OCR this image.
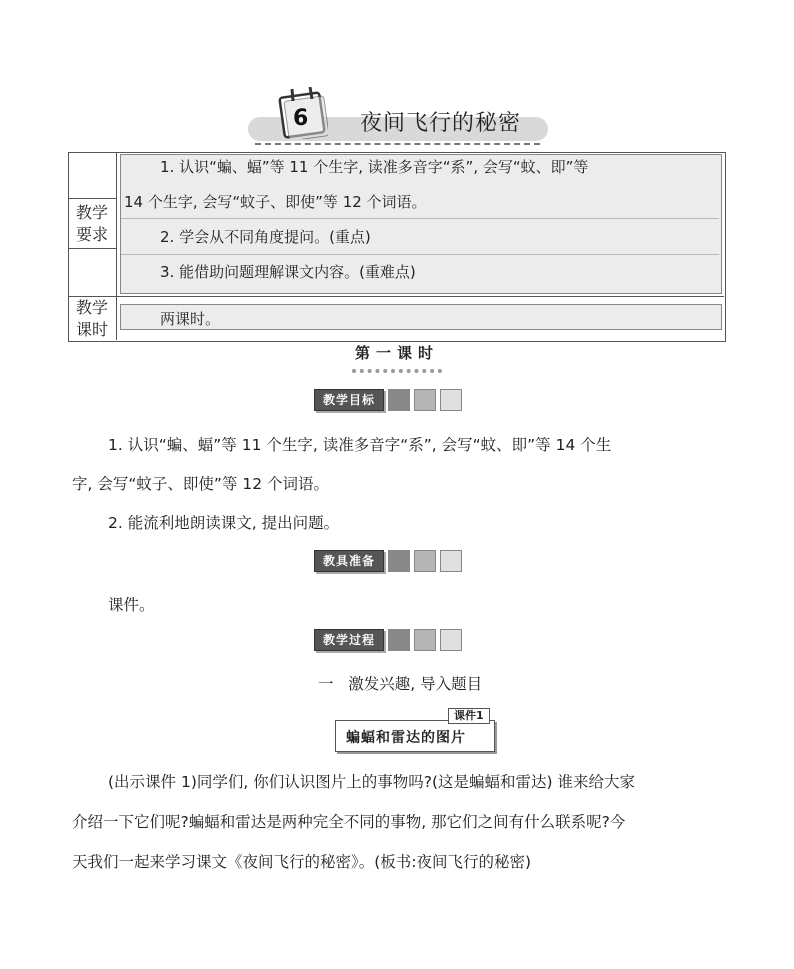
6 夜间飞行的秘密
教学
要求
1. 认识“蝙、蝠”等 11 个生字, 读准多音字“系”, 会写“蚊、即”等
14 个生字, 会写“蚊子、即使”等 12 个词语。
2. 学会从不同角度提问。(重点)
3. 能借助问题理解课文内容。(重难点)
教学
课时
两课时。
第一课时
教学目标
1. 认识“蝙、蝠”等 11 个生字, 读准多音字“系”, 会写“蚊、即”等 14 个生
字, 会写“蚊子、即使”等 12 个词语。
2. 能流利地朗读课文, 提出问题。
教具准备
课件。
教学过程
一   激发兴趣, 导入题目
课件1
蝙蝠和雷达的图片
(出示课件 1)同学们, 你们认识图片上的事物吗?(这是蝙蝠和雷达) 谁来给大家
介绍一下它们呢?蝙蝠和雷达是两种完全不同的事物, 那它们之间有什么联系呢?今
天我们一起来学习课文《夜间飞行的秘密》。(板书:夜间飞行的秘密)
